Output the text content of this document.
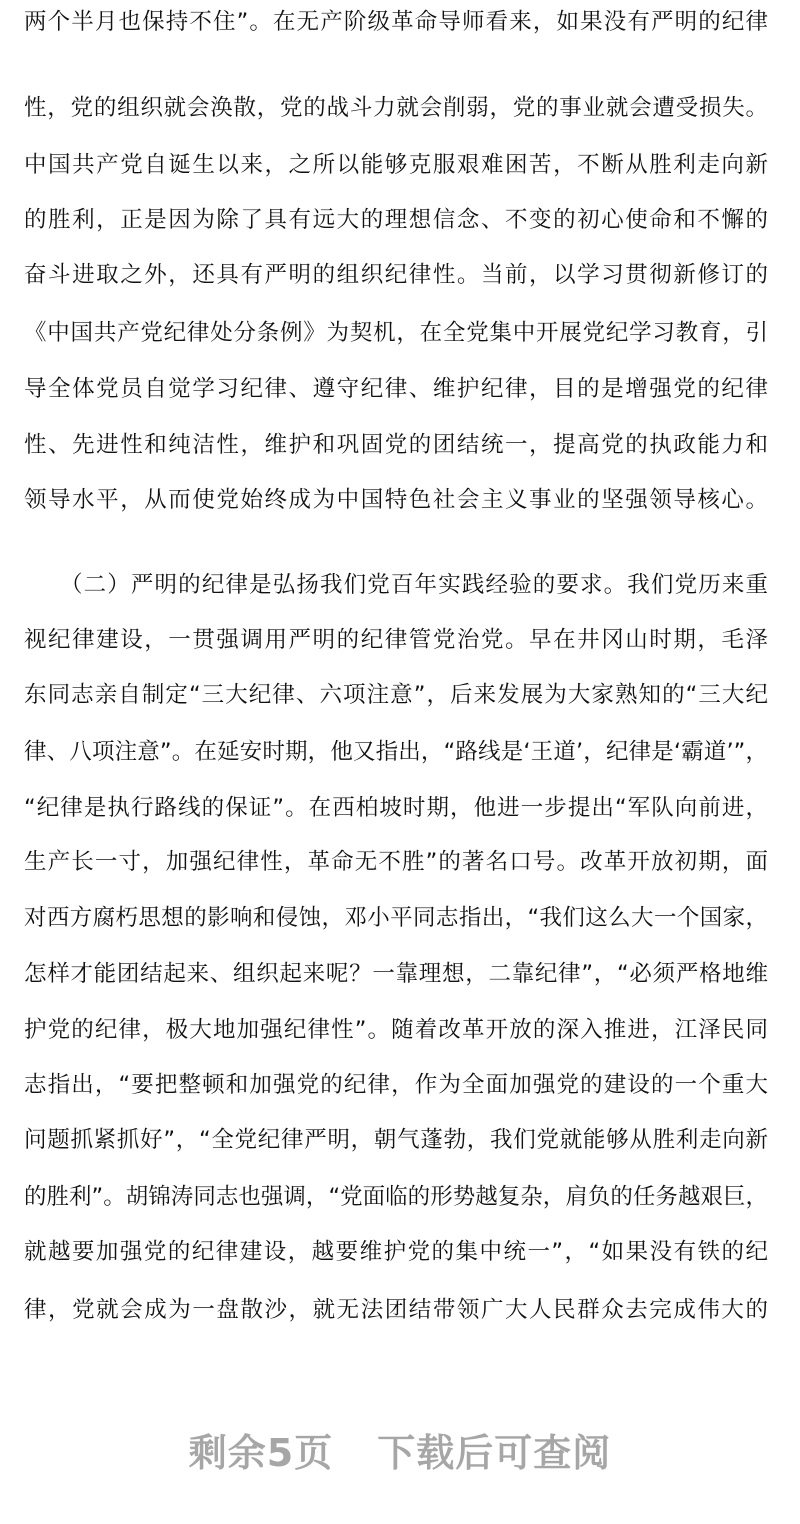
两个半月也保持不住”。在无产阶级革命导师看来，如果没有严明的纪律
性，党的组织就会涣散，党的战斗力就会削弱，党的事业就会遭受损失。
中国共产党自诞生以来，之所以能够克服艰难困苦，不断从胜利走向新
的胜利，正是因为除了具有远大的理想信念、不变的初心使命和不懈的
奋斗进取之外，还具有严明的组织纪律性。当前，以学习贯彻新修订的
《中国共产党纪律处分条例》为契机，在全党集中开展党纪学习教育，引
导全体党员自觉学习纪律、遵守纪律、维护纪律，目的是增强党的纪律
性、先进性和纯洁性，维护和巩固党的团结统一，提高党的执政能力和
领导水平，从而使党始终成为中国特色社会主义事业的坚强领导核心。
（二）严明的纪律是弘扬我们党百年实践经验的要求。我们党历来重
视纪律建设，一贯强调用严明的纪律管党治党。早在井冈山时期，毛泽
东同志亲自制定“三大纪律、六项注意”，后来发展为大家熟知的“三大纪
律、八项注意”。在延安时期，他又指出，“路线是‘王道’，纪律是‘霸道’”，
“纪律是执行路线的保证”。在西柏坡时期，他进一步提出“军队向前进，
生产长一寸，加强纪律性，革命无不胜”的著名口号。改革开放初期，面
对西方腐朽思想的影响和侵蚀，邓小平同志指出，“我们这么大一个国家，
怎样才能团结起来、组织起来呢？一靠理想，二靠纪律”，“必须严格地维
护党的纪律，极大地加强纪律性”。随着改革开放的深入推进，江泽民同
志指出，“要把整顿和加强党的纪律，作为全面加强党的建设的一个重大
问题抓紧抓好”，“全党纪律严明，朝气蓬勃，我们党就能够从胜利走向新
的胜利”。胡锦涛同志也强调，“党面临的形势越复杂，肩负的任务越艰巨，
就越要加强党的纪律建设，越要维护党的集中统一”，“如果没有铁的纪
律，党就会成为一盘散沙，就无法团结带领广大人民群众去完成伟大的
剩余5页 下载后可查阅
